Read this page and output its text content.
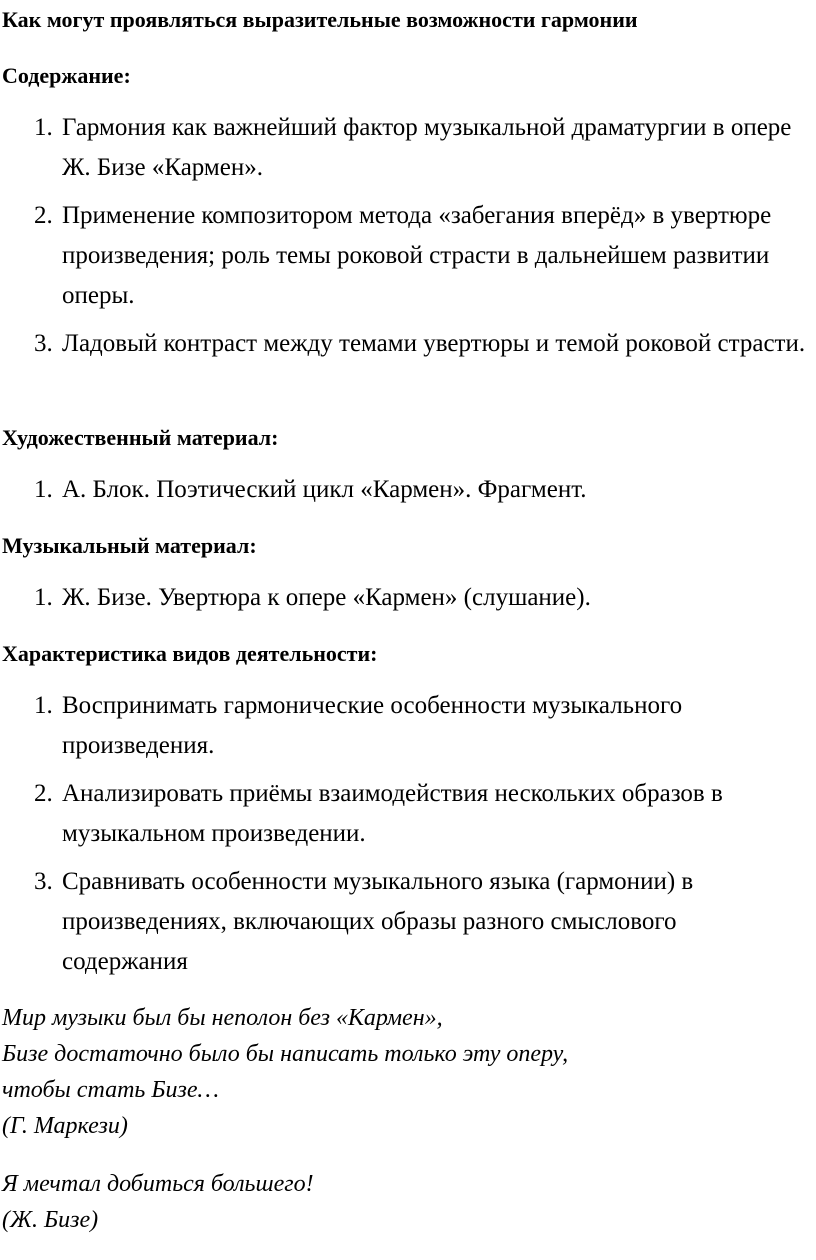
Как могут проявляться выразительные возможности гармонии
Содержание:
1. Гармония как важнейший фактор музыкальной драматургии в опере Ж. Бизе «Кармен».
2. Применение композитором метода «забегания вперёд» в увертюре произведения; роль темы роковой страсти в дальнейшем развитии оперы.
3. Ладовый контраст между темами увертюры и темой роковой страсти.
Художественный материал:
1. А. Блок. Поэтический цикл «Кармен». Фрагмент.
Музыкальный материал:
1. Ж. Бизе. Увертюра к опере «Кармен» (слушание).
Характеристика видов деятельности:
1. Воспринимать гармонические особенности музыкального произведения.
2. Анализировать приёмы взаимодействия нескольких образов в музыкальном произведении.
3. Сравнивать особенности музыкального языка (гармонии) в произведениях, включающих образы разного смыслового содержания
Мир музыки был бы неполон без «Кармен»,
Бизе достаточно было бы написать только эту оперу,
чтобы стать Бизе…
(Г. Маркези)
Я мечтал добиться большего!
(Ж. Бизе)
